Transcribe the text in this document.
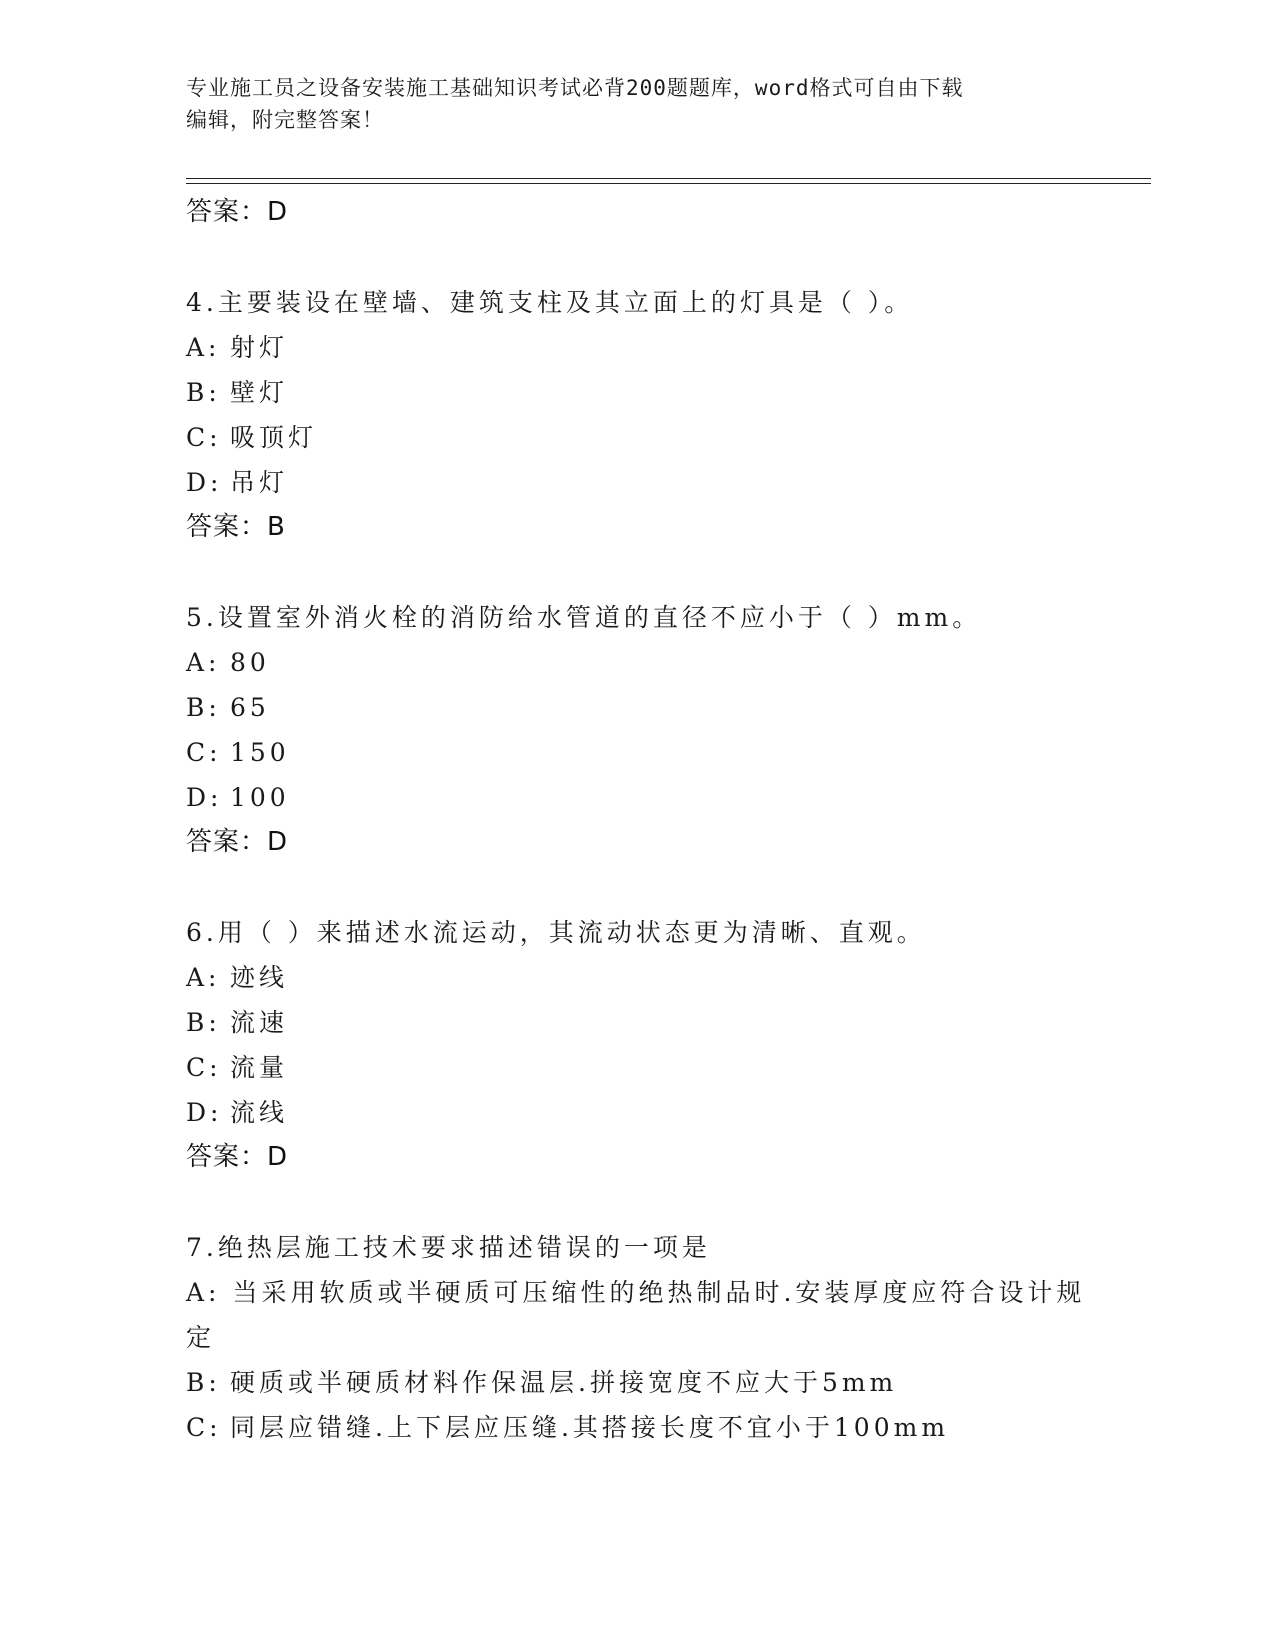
专业施工员之设备安装施工基础知识考试必背200题题库，word格式可自由下载
编辑，附完整答案！
答案：D
4.主要装设在壁墙、建筑支柱及其立面上的灯具是（ ）。
A: 射灯
B: 壁灯
C: 吸顶灯
D: 吊灯
答案：B
5.设置室外消火栓的消防给水管道的直径不应小于（ ）mm。
A: 80
B: 65
C: 150
D: 100
答案：D
6.用（ ）来描述水流运动，其流动状态更为清晰、直观。
A: 迹线
B: 流速
C: 流量
D: 流线
答案：D
7.绝热层施工技术要求描述错误的一项是
A: 当采用软质或半硬质可压缩性的绝热制品时.安装厚度应符合设计规定
B: 硬质或半硬质材料作保温层.拼接宽度不应大于5mm
C: 同层应错缝.上下层应压缝.其搭接长度不宜小于100mm
